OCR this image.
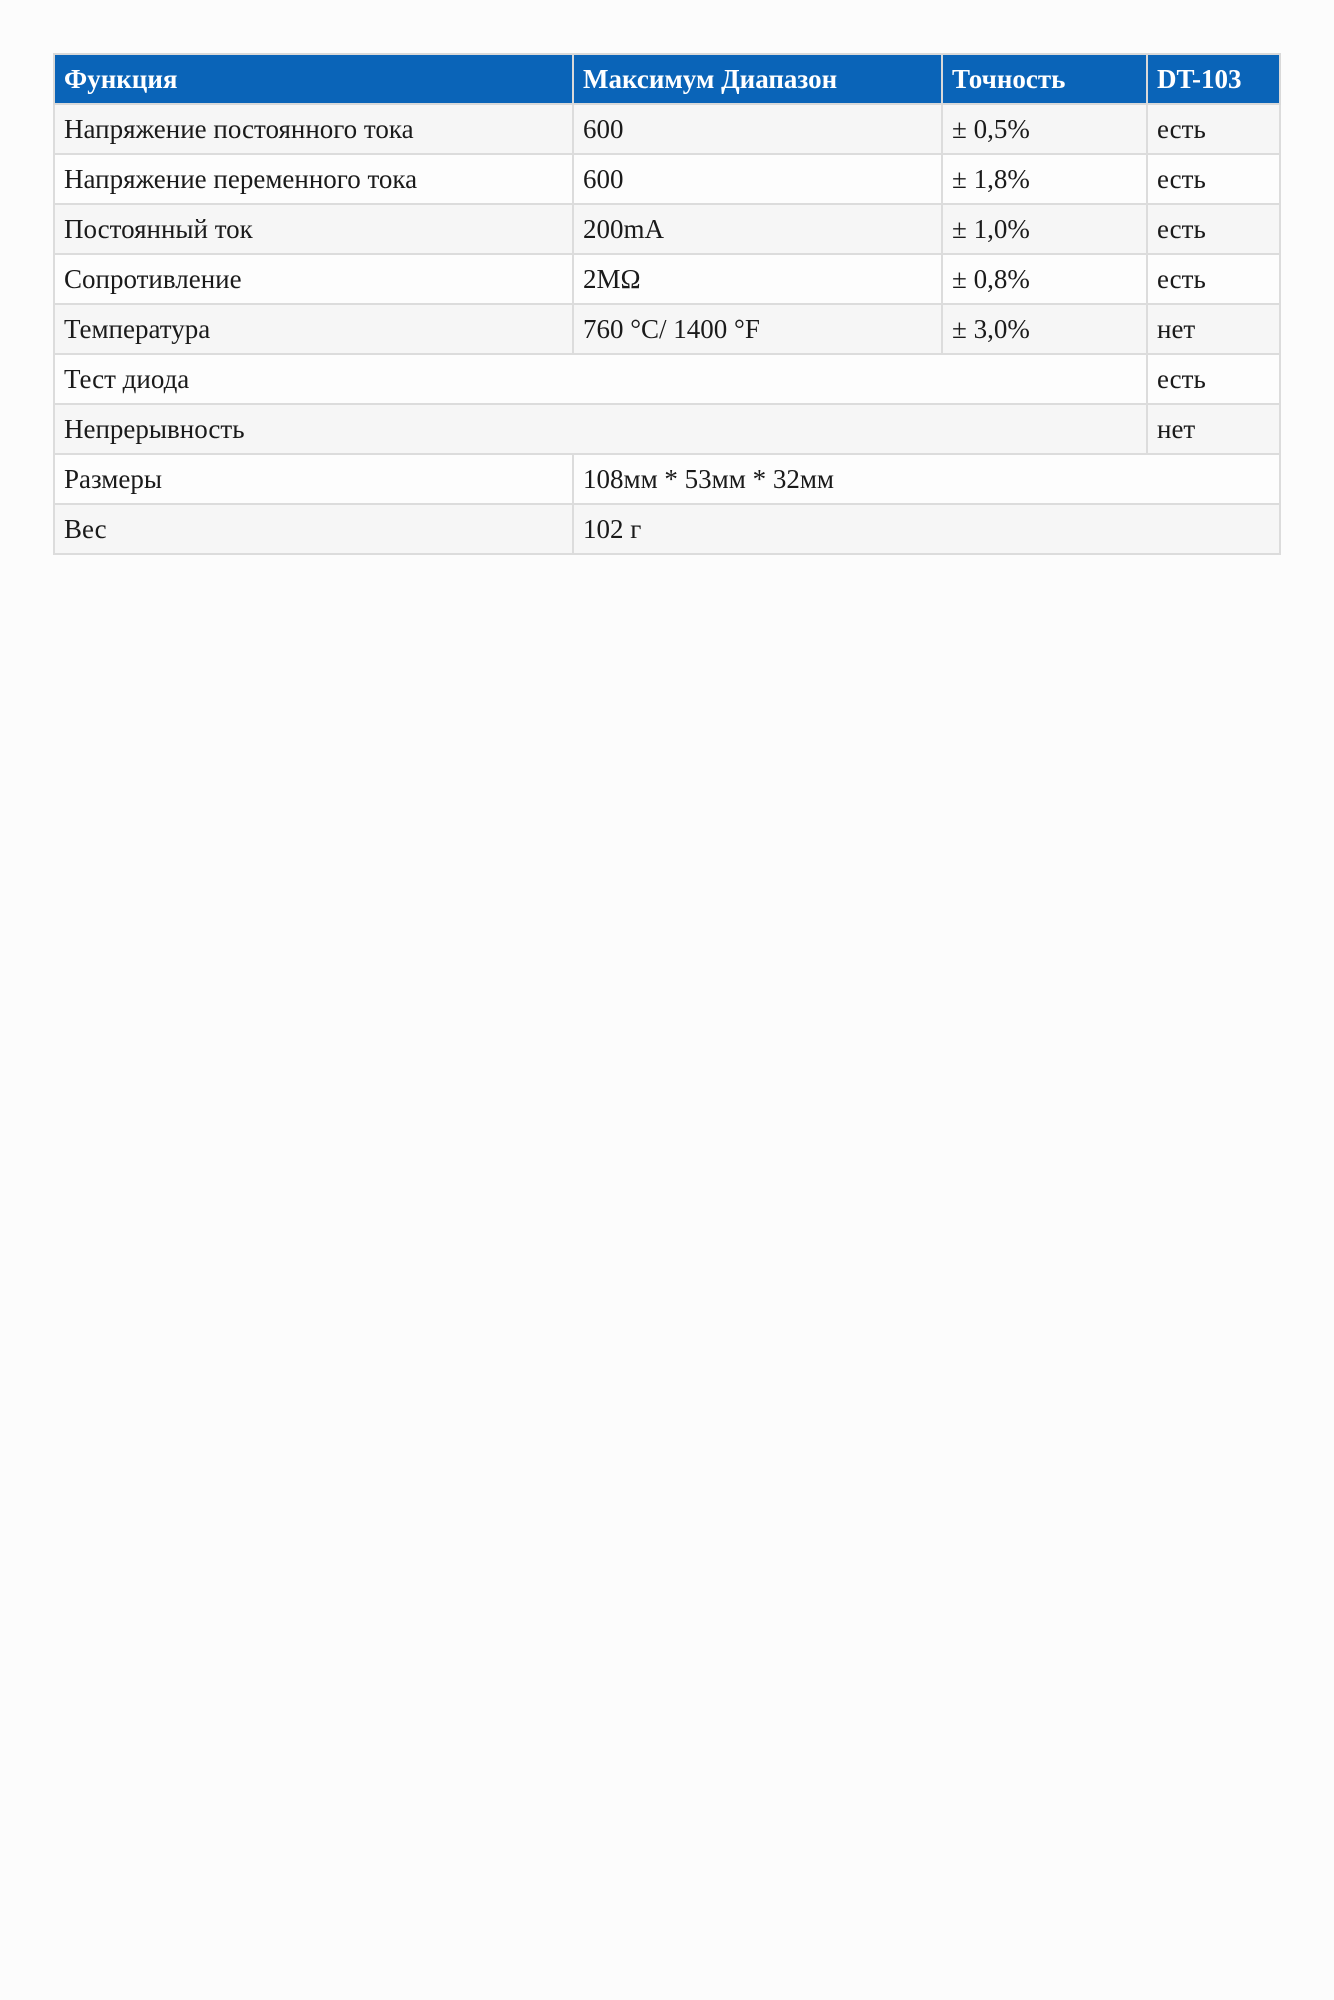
Функция	Максимум Диапазон	Точность	DT-103
Напряжение постоянного тока	600	± 0,5%	есть
Напряжение переменного тока	600	± 1,8%	есть
Постоянный ток	200mA	± 1,0%	есть
Сопротивление	2MΩ	± 0,8%	есть
Температура	760 °C/ 1400 °F	± 3,0%	нет
Тест диода			есть
Непрерывность			нет
Размеры	108мм * 53мм * 32мм		
Вес	102 г		
